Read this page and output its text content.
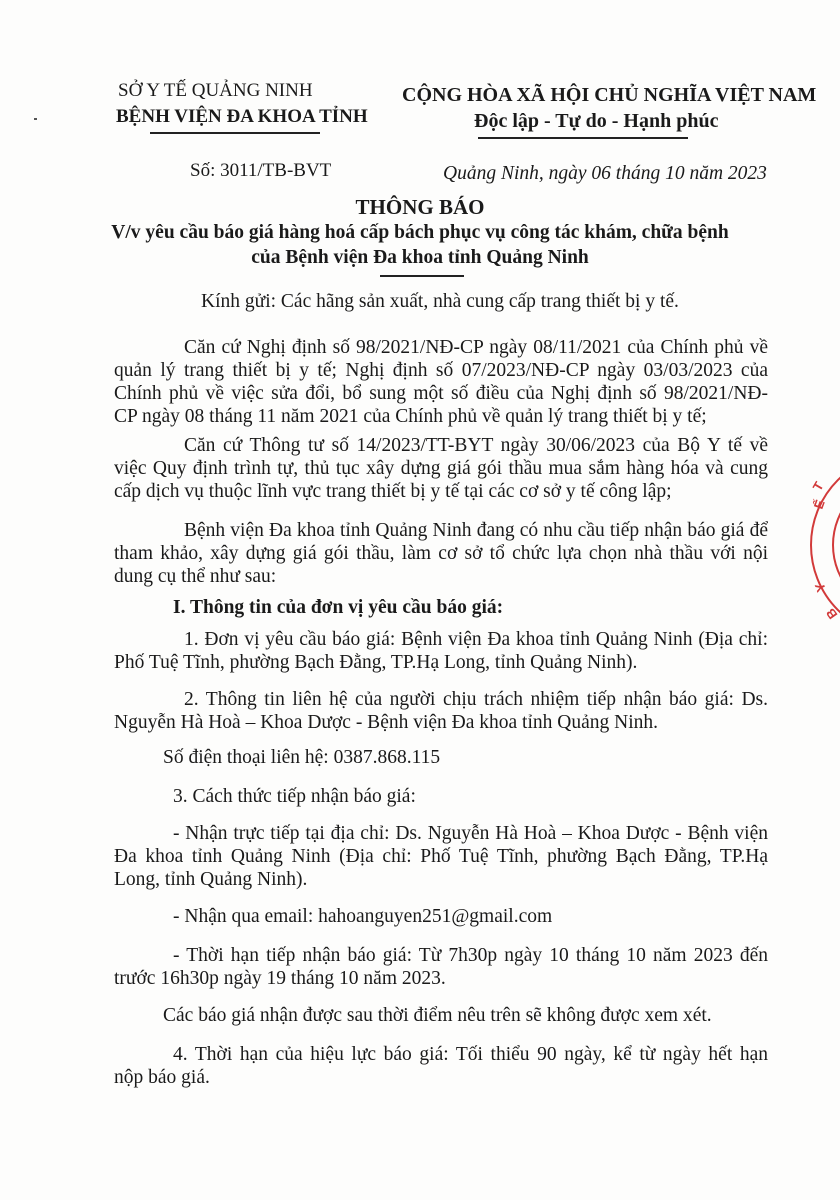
SỞ Y TẾ QUẢNG NINH
BỆNH VIỆN ĐA KHOA TỈNH
CỘNG HÒA XÃ HỘI CHỦ NGHĨA VIỆT NAM
Độc lập - Tự do - Hạnh phúc
Số: 3011/TB-BVT	Quảng Ninh, ngày 06 tháng 10 năm 2023
THÔNG BÁO
V/v yêu cầu báo giá hàng hoá cấp bách phục vụ công tác khám, chữa bệnh
của Bệnh viện Đa khoa tỉnh Quảng Ninh
Kính gửi: Các hãng sản xuất, nhà cung cấp trang thiết bị y tế.
Căn cứ Nghị định số 98/2021/NĐ-CP ngày 08/11/2021 của Chính phủ về
quản lý trang thiết bị y tế; Nghị định số 07/2023/NĐ-CP ngày 03/03/2023 của
Chính phủ về việc sửa đổi, bổ sung một số điều của Nghị định số 98/2021/NĐ-
CP ngày 08 tháng 11 năm 2021 của Chính phủ về quản lý trang thiết bị y tế;
Căn cứ Thông tư số 14/2023/TT-BYT ngày 30/06/2023 của Bộ Y tế về
việc Quy định trình tự, thủ tục xây dựng giá gói thầu mua sắm hàng hóa và cung
cấp dịch vụ thuộc lĩnh vực trang thiết bị y tế tại các cơ sở y tế công lập;
Bệnh viện Đa khoa tỉnh Quảng Ninh đang có nhu cầu tiếp nhận báo giá để
tham khảo, xây dựng giá gói thầu, làm cơ sở tổ chức lựa chọn nhà thầu với nội
dung cụ thể như sau:
I. Thông tin của đơn vị yêu cầu báo giá:
1. Đơn vị yêu cầu báo giá: Bệnh viện Đa khoa tỉnh Quảng Ninh (Địa chỉ:
Phố Tuệ Tĩnh, phường Bạch Đằng, TP.Hạ Long, tỉnh Quảng Ninh).
2. Thông tin liên hệ của người chịu trách nhiệm tiếp nhận báo giá: Ds.
Nguyễn Hà Hoà – Khoa Dược - Bệnh viện Đa khoa tỉnh Quảng Ninh.
Số điện thoại liên hệ: 0387.868.115
3. Cách thức tiếp nhận báo giá:
- Nhận trực tiếp tại địa chỉ: Ds. Nguyễn Hà Hoà – Khoa Dược - Bệnh viện
Đa khoa tỉnh Quảng Ninh (Địa chỉ: Phố Tuệ Tĩnh, phường Bạch Đằng, TP.Hạ
Long, tỉnh Quảng Ninh).
- Nhận qua email: hahoanguyen251@gmail.com
- Thời hạn tiếp nhận báo giá: Từ 7h30p ngày 10 tháng 10 năm 2023 đến
trước 16h30p ngày 19 tháng 10 năm 2023.
Các báo giá nhận được sau thời điểm nêu trên sẽ không được xem xét.
4. Thời hạn của hiệu lực báo giá: Tối thiểu 90 ngày, kể từ ngày hết hạn
nộp báo giá.
T
Ế
Y
B
